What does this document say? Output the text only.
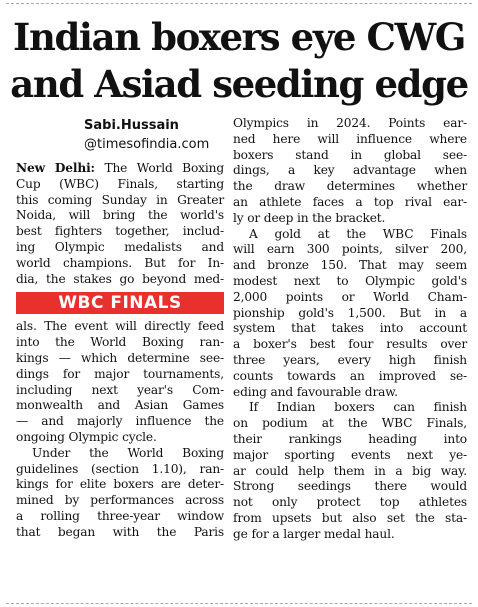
Indian boxers eye CWG
and Asiad seeding edge
Sabi.Hussain
@timesofindia.com
New Delhi: The World Boxing
Cup (WBC) Finals, starting
this coming Sunday in Greater
Noida, will bring the world's
best fighters together, includ-
ing Olympic medalists and
world champions. But for In-
dia, the stakes go beyond med-
WBC FINALS
als. The event will directly feed
into the World Boxing ran-
kings — which determine see-
dings for major tournaments,
including next year's Com-
monwealth and Asian Games
— and majorly influence the
ongoing Olympic cycle.
Under the World Boxing
guidelines (section 1.10), ran-
kings for elite boxers are deter-
mined by performances across
a rolling three-year window
that began with the Paris
Olympics in 2024. Points ear-
ned here will influence where
boxers stand in global see-
dings, a key advantage when
the draw determines whether
an athlete faces a top rival ear-
ly or deep in the bracket.
A gold at the WBC Finals
will earn 300 points, silver 200,
and bronze 150. That may seem
modest next to Olympic gold's
2,000 points or World Cham-
pionship gold's 1,500. But in a
system that takes into account
a boxer's best four results over
three years, every high finish
counts towards an improved se-
eding and favourable draw.
If Indian boxers can finish
on podium at the WBC Finals,
their rankings heading into
major sporting events next ye-
ar could help them in a big way.
Strong seedings there would
not only protect top athletes
from upsets but also set the sta-
ge for a larger medal haul.
